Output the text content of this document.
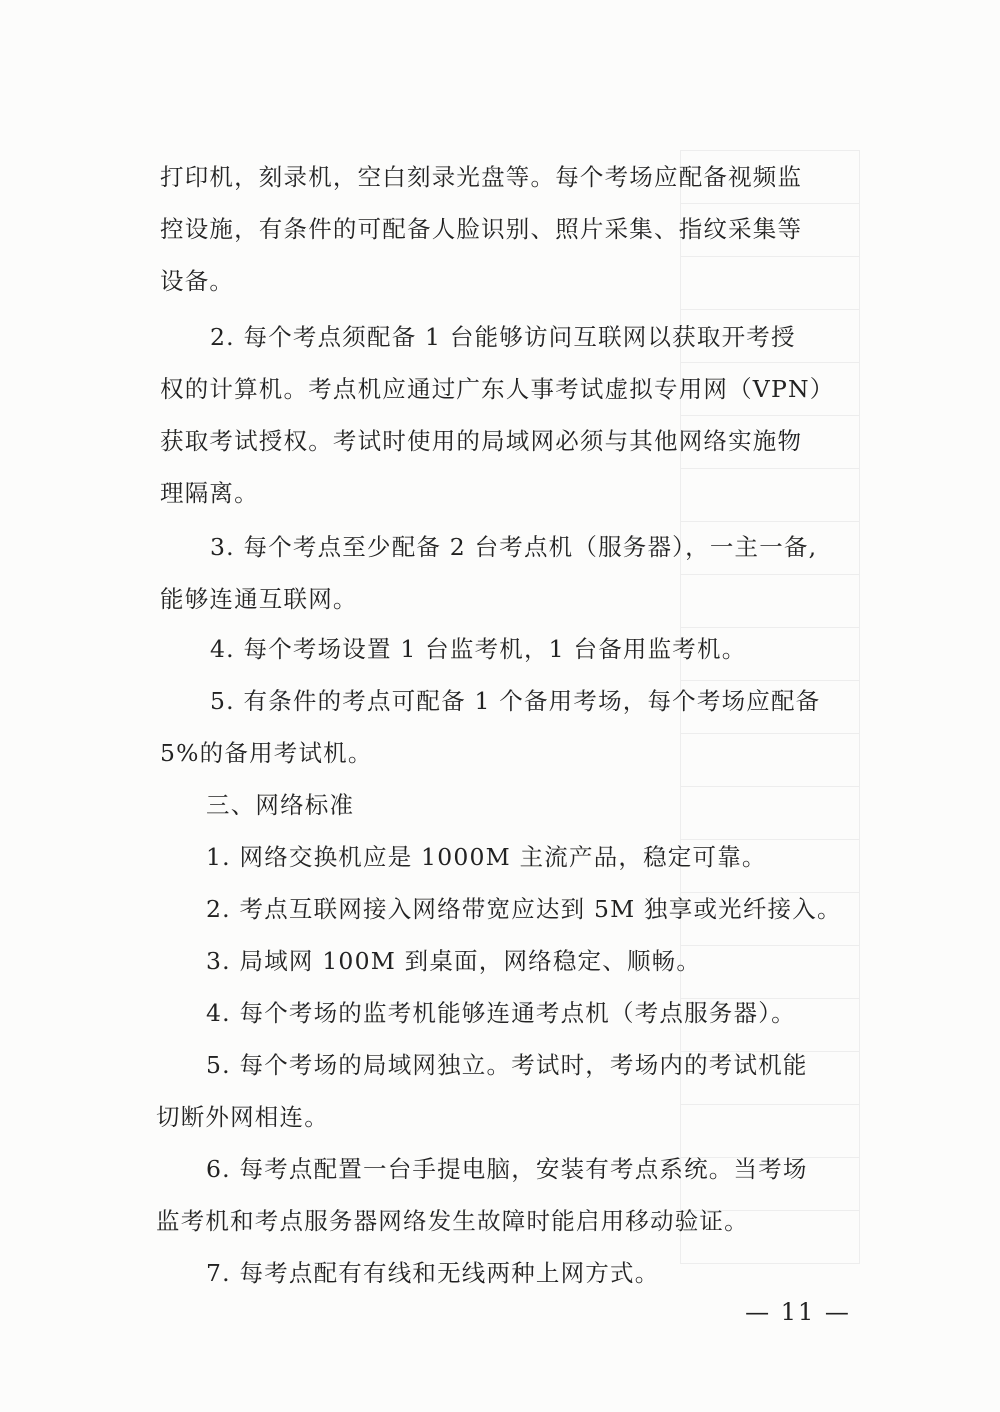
打印机，刻录机，空白刻录光盘等。每个考场应配备视频监
控设施，有条件的可配备人脸识别、照片采集、指纹采集等
设备。
2. 每个考点须配备 1 台能够访问互联网以获取开考授
权的计算机。考点机应通过广东人事考试虚拟专用网（VPN）
获取考试授权。考试时使用的局域网必须与其他网络实施物
理隔离。
3. 每个考点至少配备 2 台考点机（服务器），一主一备,
能够连通互联网。
4. 每个考场设置 1 台监考机，1 台备用监考机。
5. 有条件的考点可配备 1 个备用考场，每个考场应配备
5%的备用考试机。
三、网络标准
1. 网络交换机应是 1000M 主流产品，稳定可靠。
2. 考点互联网接入网络带宽应达到 5M 独享或光纤接入。
3. 局域网 100M 到桌面，网络稳定、顺畅。
4. 每个考场的监考机能够连通考点机（考点服务器）。
5. 每个考场的局域网独立。考试时，考场内的考试机能
切断外网相连。
6. 每考点配置一台手提电脑，安装有考点系统。当考场
监考机和考点服务器网络发生故障时能启用移动验证。
7. 每考点配有有线和无线两种上网方式。
— 11 —
